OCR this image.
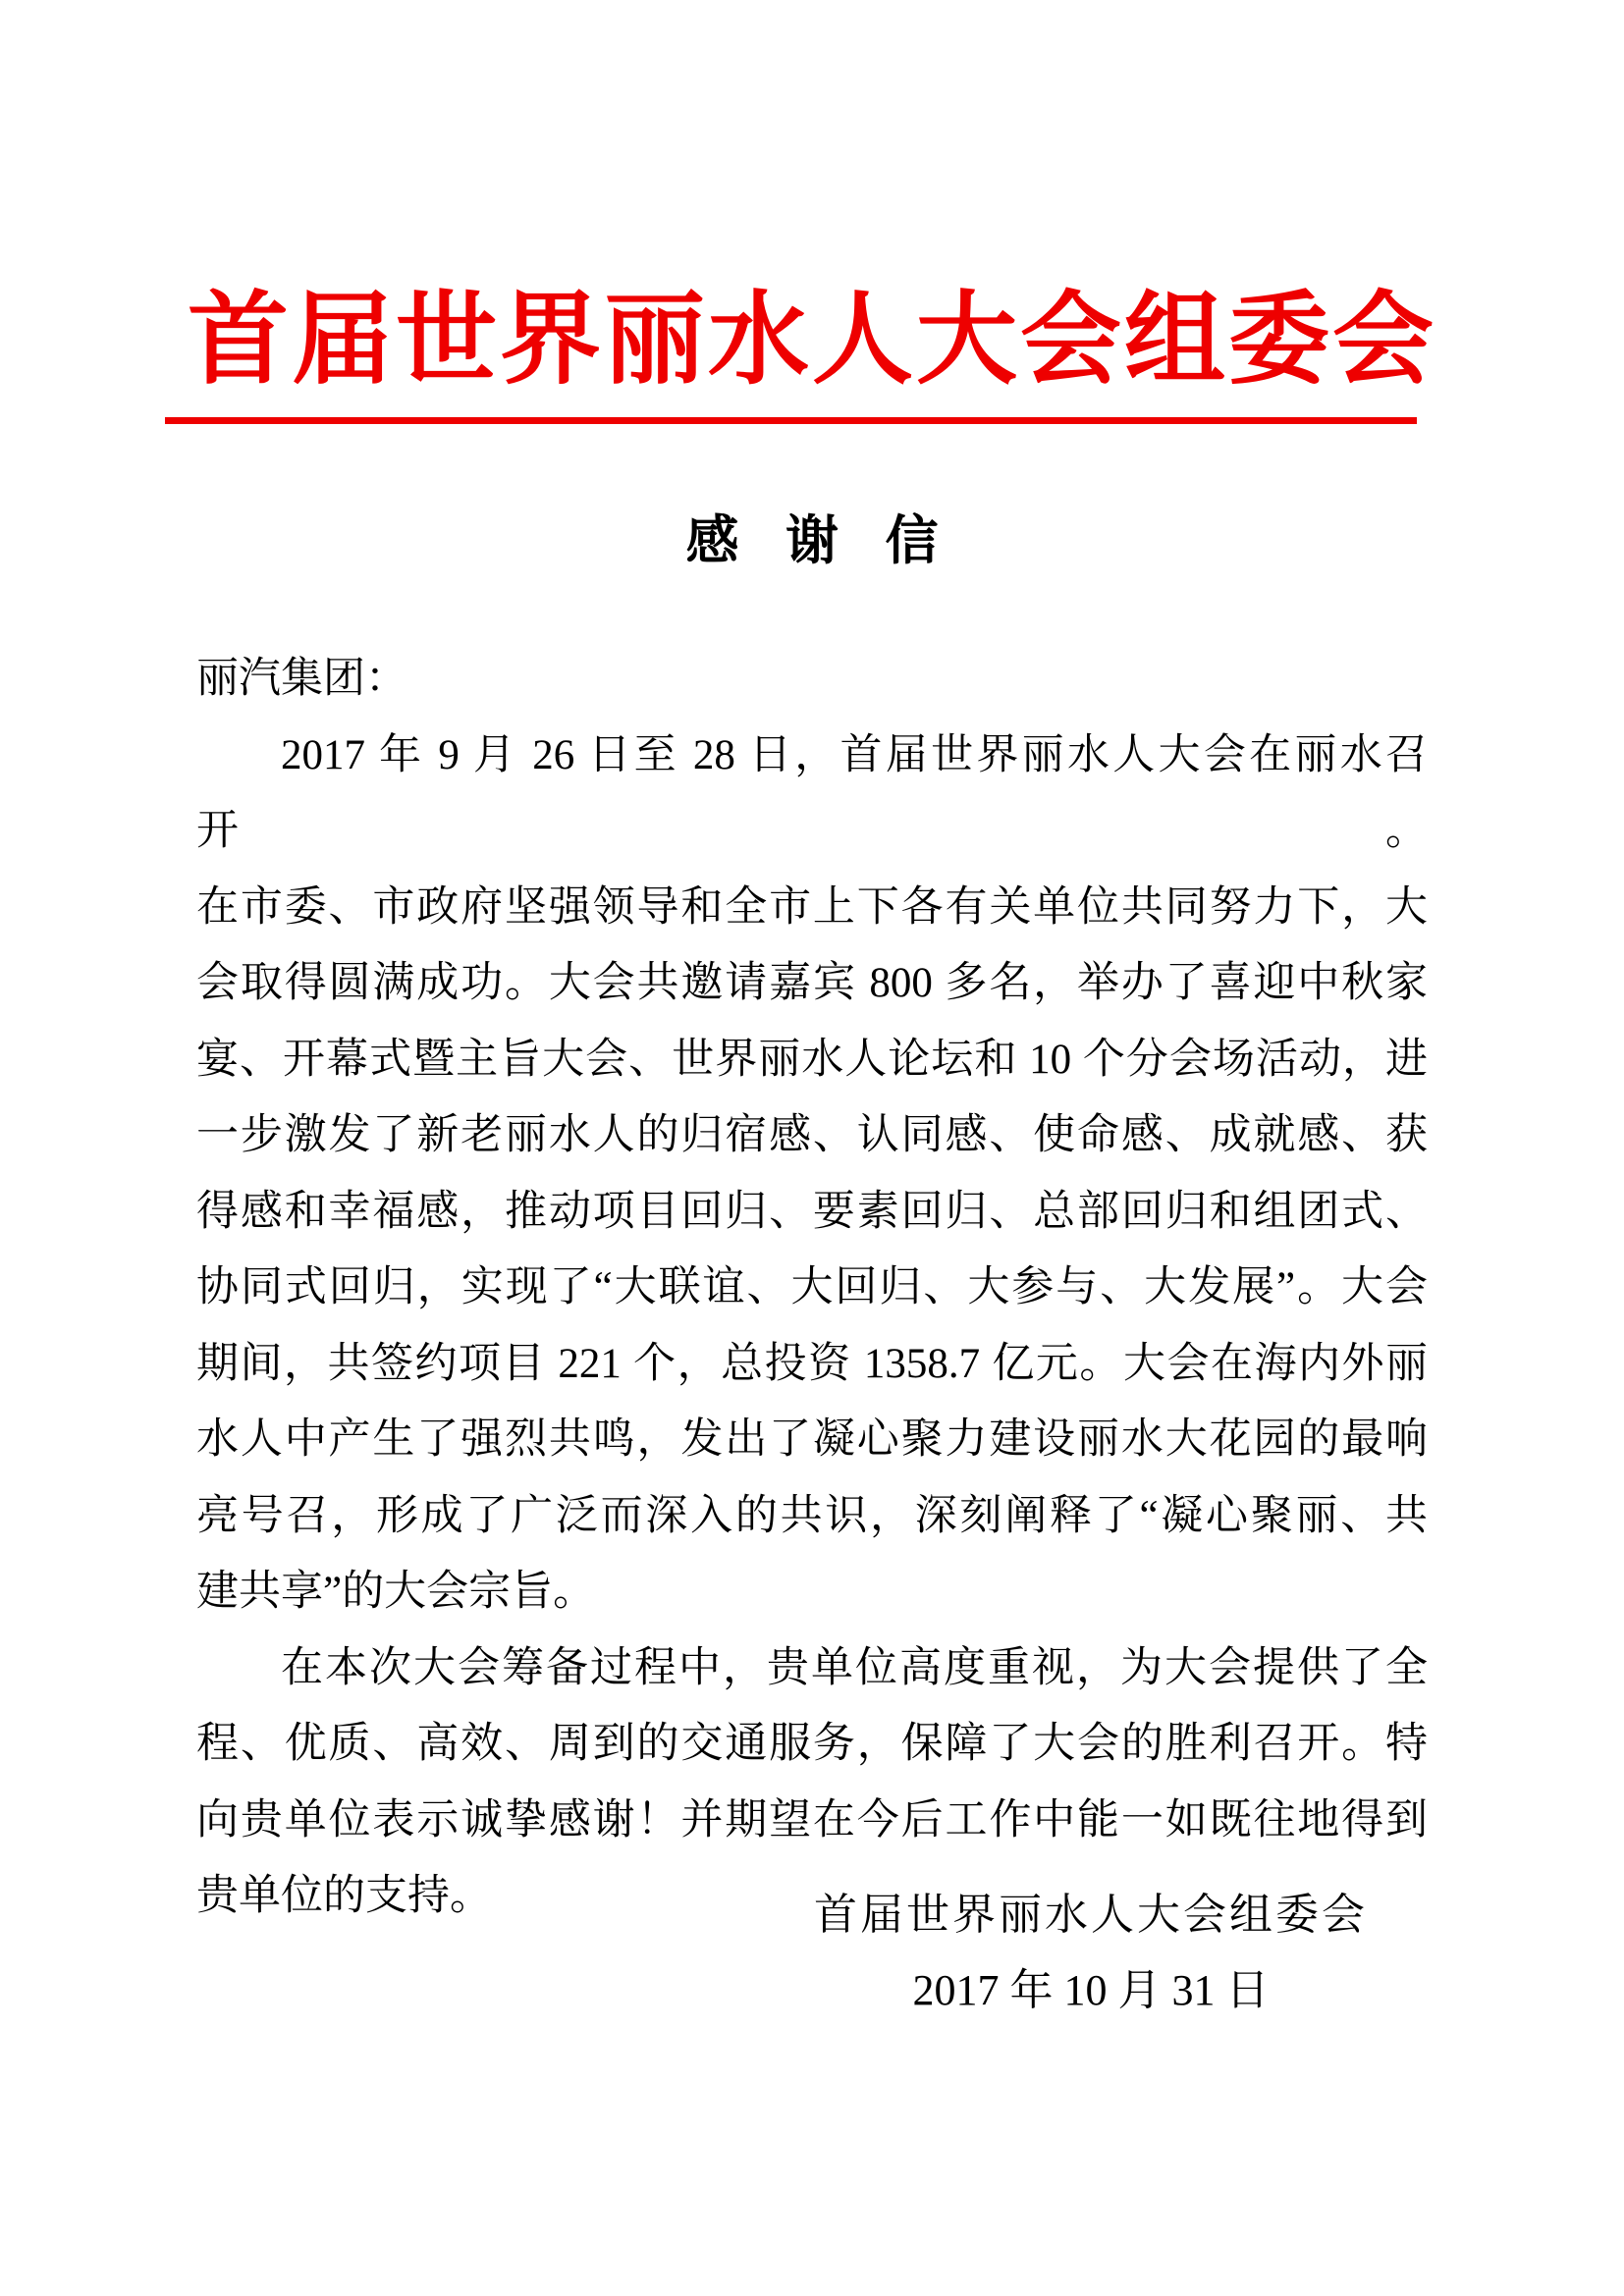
首届世界丽水人大会组委会
感 谢 信
丽汽集团：
2017 年 9 月 26 日至 28 日，首届世界丽水人大会在丽水召开。
在市委、市政府坚强领导和全市上下各有关单位共同努力下，大
会取得圆满成功。大会共邀请嘉宾 800 多名，举办了喜迎中秋家
宴、开幕式暨主旨大会、世界丽水人论坛和 10 个分会场活动，进
一步激发了新老丽水人的归宿感、认同感、使命感、成就感、获
得感和幸福感，推动项目回归、要素回归、总部回归和组团式、
协同式回归，实现了“大联谊、大回归、大参与、大发展”。大会
期间，共签约项目 221 个，总投资 1358.7 亿元。大会在海内外丽
水人中产生了强烈共鸣，发出了凝心聚力建设丽水大花园的最响
亮号召，形成了广泛而深入的共识，深刻阐释了“凝心聚丽、共
建共享”的大会宗旨。
在本次大会筹备过程中，贵单位高度重视，为大会提供了全
程、优质、高效、周到的交通服务，保障了大会的胜利召开。特
向贵单位表示诚挚感谢！并期望在今后工作中能一如既往地得到
贵单位的支持。	首届世界丽水人大会组委会
2017 年 10 月 31 日
